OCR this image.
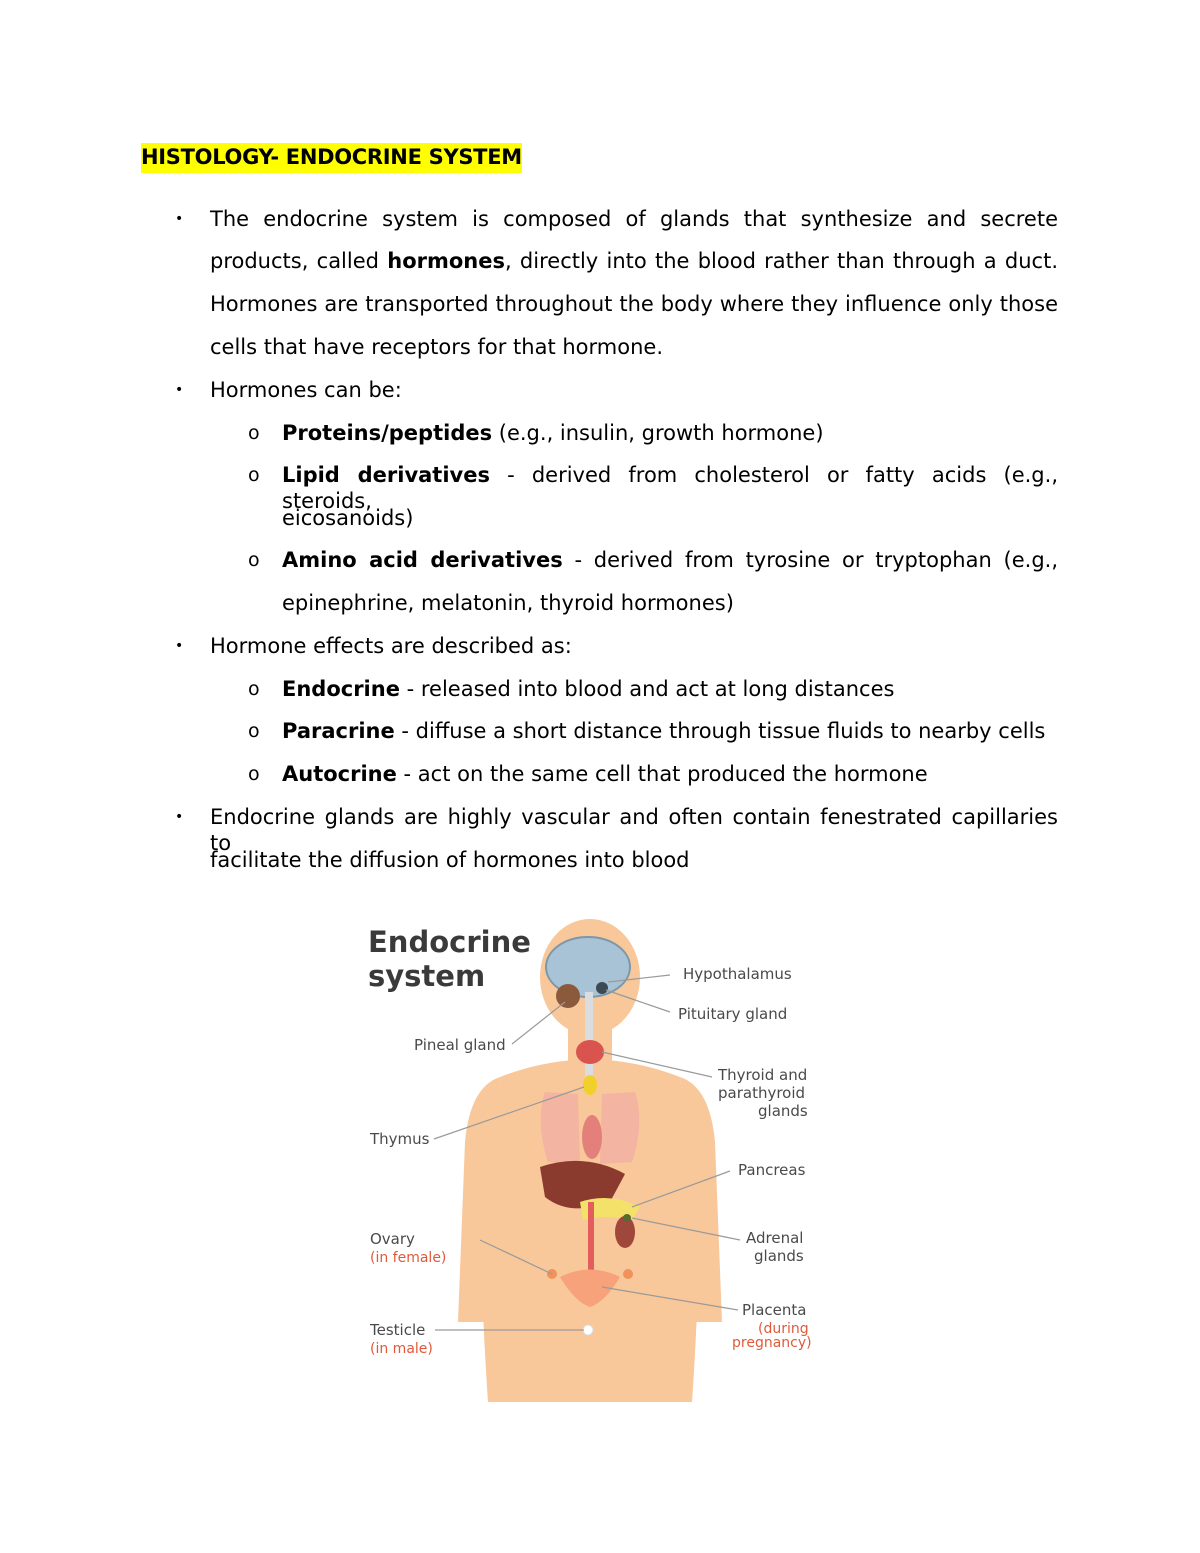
HISTOLOGY- ENDOCRINE SYSTEM
• The endocrine system is composed of glands that synthesize and secrete
products, called hormones, directly into the blood rather than through a duct.
Hormones are transported throughout the body where they influence only those
cells that have receptors for that hormone.
• Hormones can be:
o Proteins/peptides (e.g., insulin, growth hormone)
o Lipid derivatives - derived from cholesterol or fatty acids (e.g., steroids,
eicosanoids)
o Amino acid derivatives - derived from tyrosine or tryptophan (e.g.,
epinephrine, melatonin, thyroid hormones)
• Hormone effects are described as:
o Endocrine - released into blood and act at long distances
o Paracrine - diffuse a short distance through tissue fluids to nearby cells
o Autocrine - act on the same cell that produced the hormone
• Endocrine glands are highly vascular and often contain fenestrated capillaries to
facilitate the diffusion of hormones into blood
Endocrine
system	Hypothalamus
Pituitary gland
Pineal gland
Thyroid and
parathyroid
glands
Thymus
Pancreas
Adrenal
glands
Ovary
(in female)
Placenta
(during
pregnancy)
Testicle
(in male)
